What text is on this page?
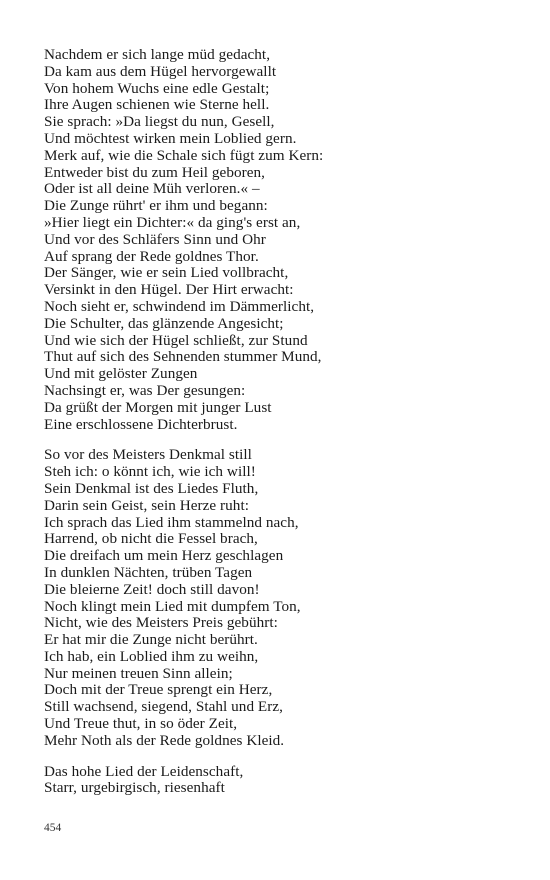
Nachdem er sich lange müd gedacht,
Da kam aus dem Hügel hervorgewallt
Von hohem Wuchs eine edle Gestalt;
Ihre Augen schienen wie Sterne hell.
Sie sprach: »Da liegst du nun, Gesell,
Und möchtest wirken mein Loblied gern.
Merk auf, wie die Schale sich fügt zum Kern:
Entweder bist du zum Heil geboren,
Oder ist all deine Müh verloren.« –
Die Zunge rührt' er ihm und begann:
»Hier liegt ein Dichter:« da ging's erst an,
Und vor des Schläfers Sinn und Ohr
Auf sprang der Rede goldnes Thor.
Der Sänger, wie er sein Lied vollbracht,
Versinkt in den Hügel. Der Hirt erwacht:
Noch sieht er, schwindend im Dämmerlicht,
Die Schulter, das glänzende Angesicht;
Und wie sich der Hügel schließt, zur Stund
Thut auf sich des Sehnenden stummer Mund,
Und mit gelöster Zungen
Nachsingt er, was Der gesungen:
Da grüßt der Morgen mit junger Lust
Eine erschlossene Dichterbrust.
So vor des Meisters Denkmal still
Steh ich: o könnt ich, wie ich will!
Sein Denkmal ist des Liedes Fluth,
Darin sein Geist, sein Herze ruht:
Ich sprach das Lied ihm stammelnd nach,
Harrend, ob nicht die Fessel brach,
Die dreifach um mein Herz geschlagen
In dunklen Nächten, trüben Tagen
Die bleierne Zeit! doch still davon!
Noch klingt mein Lied mit dumpfem Ton,
Nicht, wie des Meisters Preis gebührt:
Er hat mir die Zunge nicht berührt.
Ich hab, ein Loblied ihm zu weihn,
Nur meinen treuen Sinn allein;
Doch mit der Treue sprengt ein Herz,
Still wachsend, siegend, Stahl und Erz,
Und Treue thut, in so öder Zeit,
Mehr Noth als der Rede goldnes Kleid.
Das hohe Lied der Leidenschaft,
Starr, urgebirgisch, riesenhaft
454
